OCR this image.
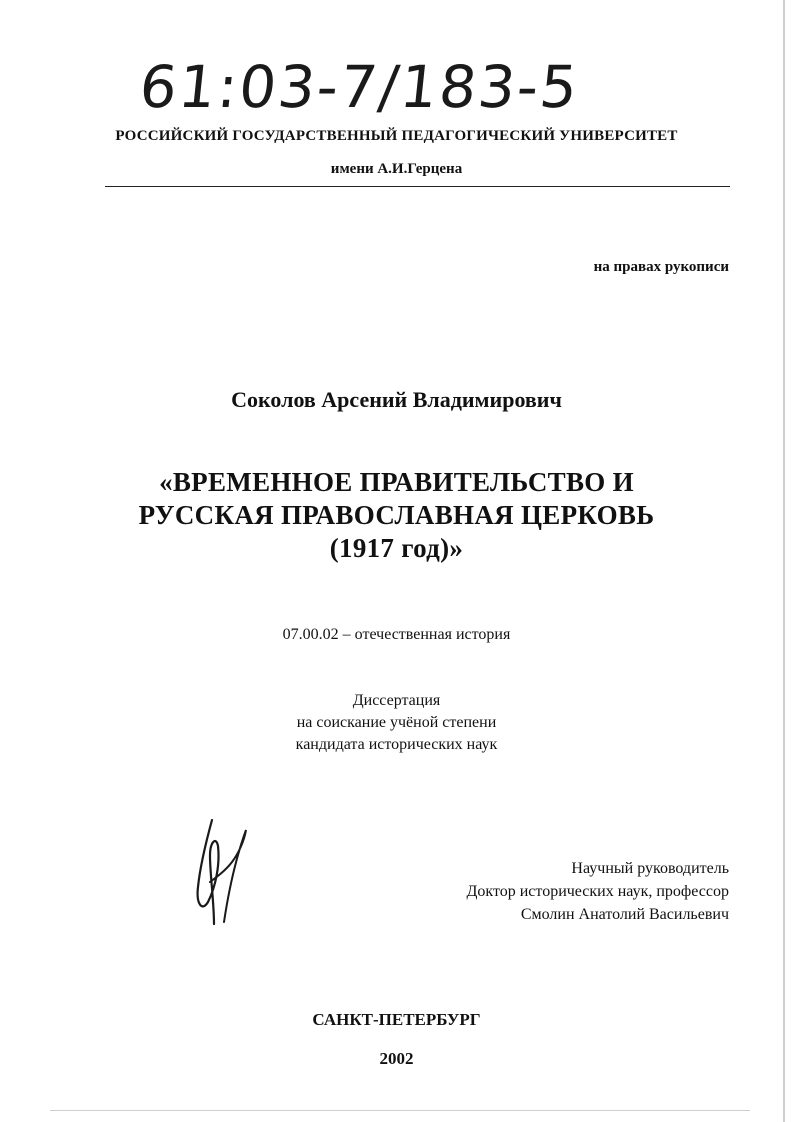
61:03-7/183-5
РОССИЙСКИЙ ГОСУДАРСТВЕННЫЙ ПЕДАГОГИЧЕСКИЙ УНИВЕРСИТЕТ
имени А.И.Герцена
на правах рукописи
Соколов Арсений Владимирович
«ВРЕМЕННОЕ ПРАВИТЕЛЬСТВО И
РУССКАЯ ПРАВОСЛАВНАЯ ЦЕРКОВЬ
(1917 год)»
07.00.02 – отечественная история
Диссертация
на соискание учёной степени
кандидата исторических наук
Научный руководитель
Доктор исторических наук, профессор
Смолин Анатолий Васильевич
САНКТ-ПЕТЕРБУРГ
2002
